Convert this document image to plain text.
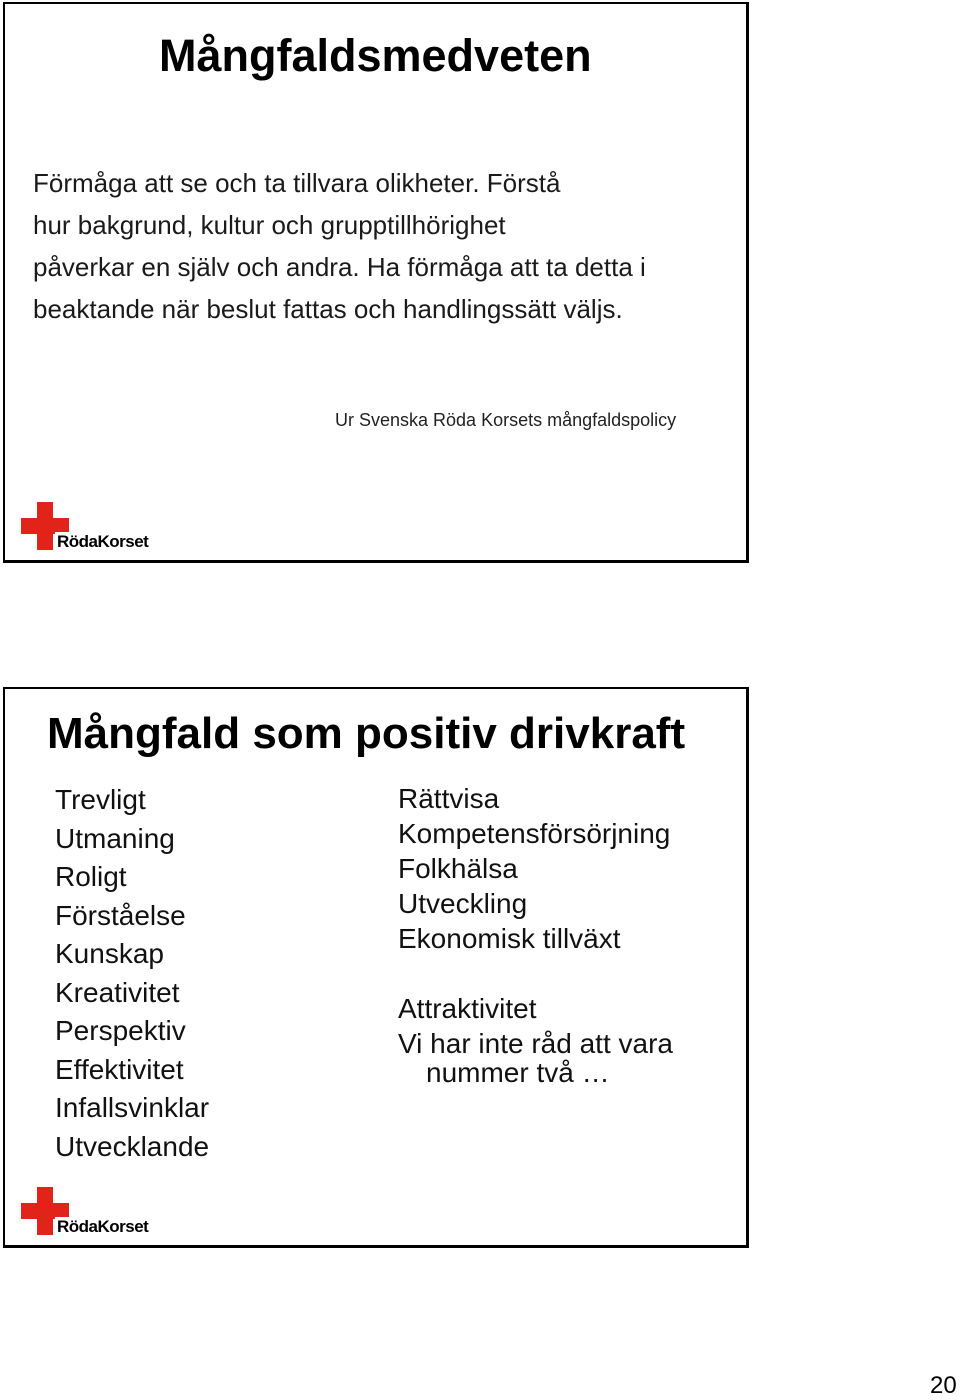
Mångfaldsmedveten
Förmåga att se och ta tillvara olikheter. Förstå
hur bakgrund, kultur och grupptillhörighet
påverkar en själv och andra. Ha förmåga att ta detta i
beaktande när beslut fattas och handlingssätt väljs.
Ur Svenska Röda Korsets mångfaldspolicy
RödaKorset
Mångfald som positiv drivkraft
Trevligt
Utmaning
Roligt
Förståelse
Kunskap
Kreativitet
Perspektiv
Effektivitet
Infallsvinklar
Utvecklande
Rättvisa
Kompetensförsörjning
Folkhälsa
Utveckling
Ekonomisk tillväxt
Attraktivitet
Vi har inte råd att vara
nummer två …
RödaKorset
20
